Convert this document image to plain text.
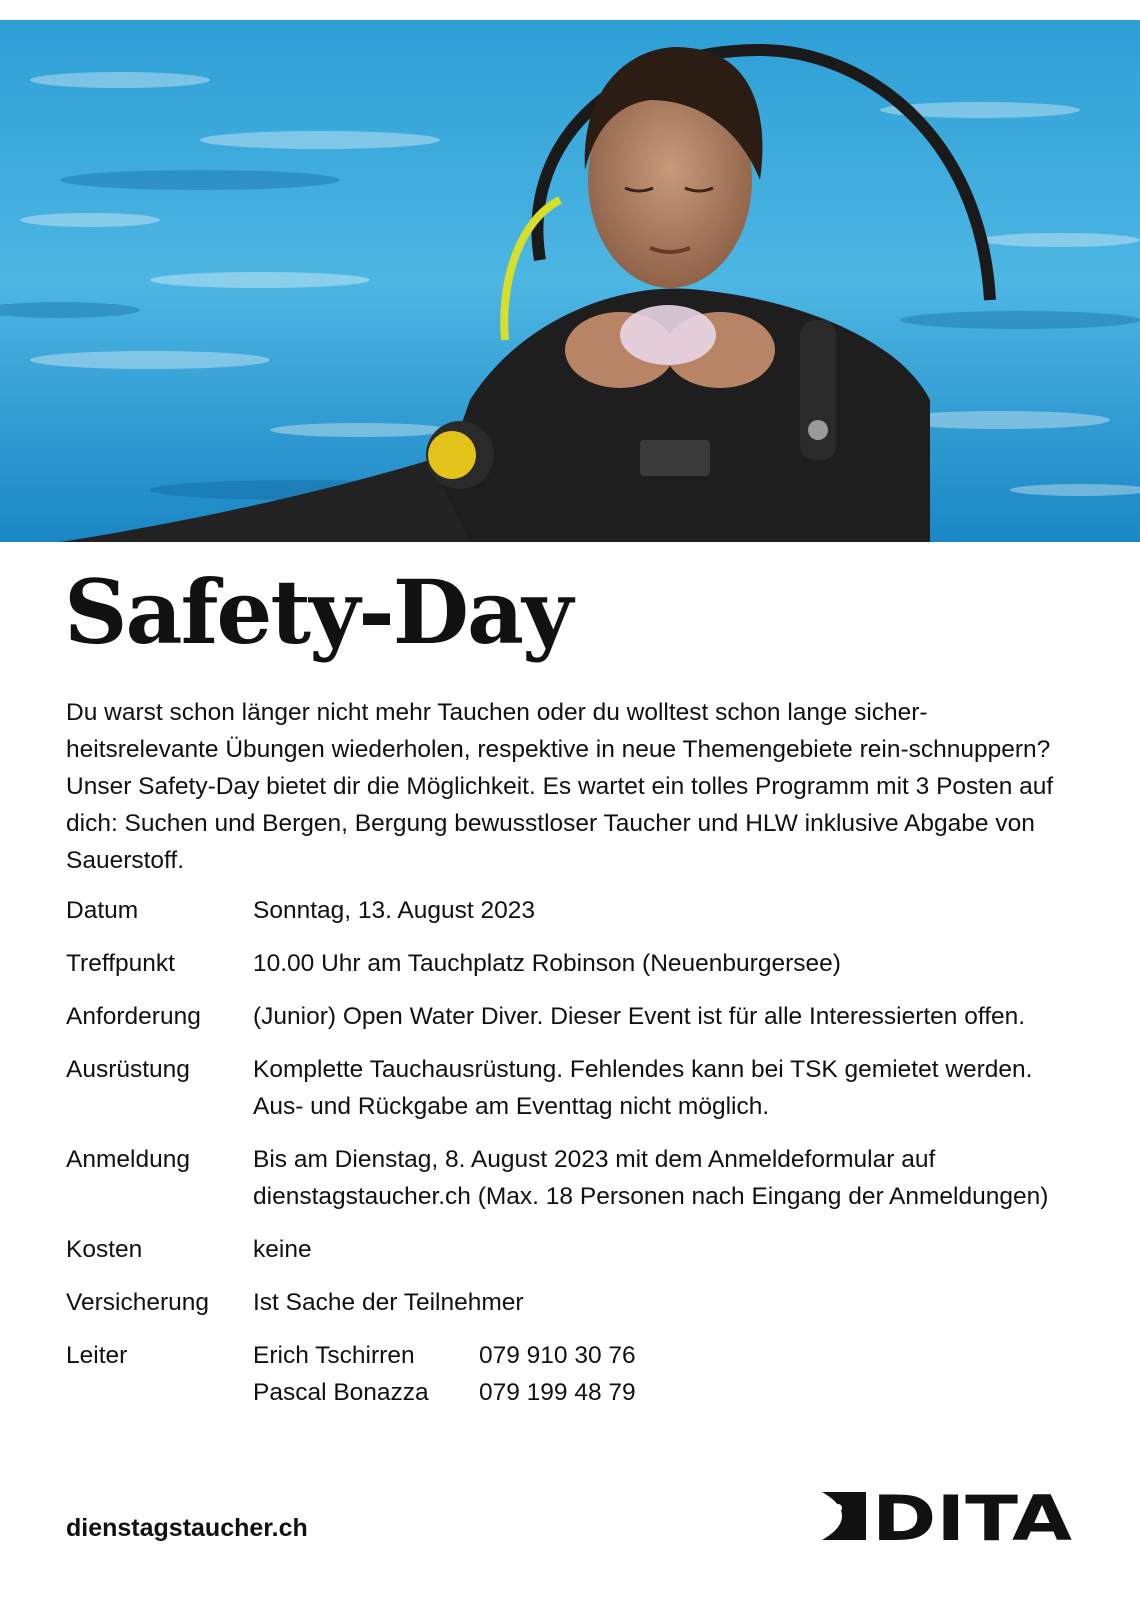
Safety-Day

Du warst schon länger nicht mehr Tauchen oder du wolltest schon lange sicher-heitsrelevante Übungen wiederholen, respektive in neue Themengebiete rein-schnuppern? Unser Safety-Day bietet dir die Möglichkeit. Es wartet ein tolles Programm mit 3 Posten auf dich: Suchen und Bergen, Bergung bewusstloser Taucher und HLW inklusive Abgabe von Sauerstoff.

Datum	Sonntag, 13. August 2023
Treffpunkt	10.00 Uhr am Tauchplatz Robinson (Neuenburgersee)
Anforderung	(Junior) Open Water Diver. Dieser Event ist für alle Interessierten offen.
Ausrüstung	Komplette Tauchausrüstung. Fehlendes kann bei TSK gemietet werden. Aus- und Rückgabe am Eventtag nicht möglich.
Anmeldung	Bis am Dienstag, 8. August 2023 mit dem Anmeldeformular auf dienstagstaucher.ch (Max. 18 Personen nach Eingang der Anmeldungen)
Kosten	keine
Versicherung	Ist Sache der Teilnehmer
Leiter	Erich Tschirren	079 910 30 76
Pascal Bonazza	079 199 48 79
dienstagstaucher.ch	DITA
